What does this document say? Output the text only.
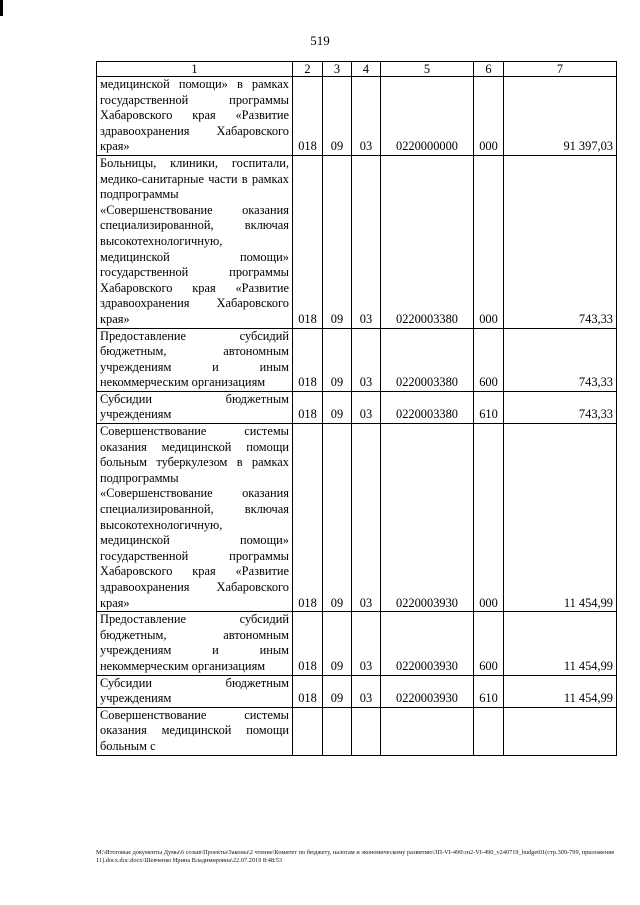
519
1	2	3	4	5	6	7
медицинской помощи» в рамках государственной программы Хабаровского края «Развитие здравоохранения Хабаровского края»	018	09	03	0220000000	000	91 397,03
Больницы, клиники, госпитали, медико-санитарные части в рамках подпрограммы «Совершенствование оказания специализированной, включая высокотехнологичную, медицинской помощи» государственной программы Хабаровского края «Развитие здравоохранения Хабаровского края»	018	09	03	0220003380	000	743,33
Предоставление субсидий бюджетным, автономным учреждениям и иным некоммерческим организациям	018	09	03	0220003380	600	743,33
Субсидии бюджетным учреждениям	018	09	03	0220003380	610	743,33
Совершенствование системы оказания медицинской помощи больным туберкулезом в рамках подпрограммы «Совершенствование оказания специализированной, включая высокотехнологичную, медицинской помощи» государственной программы Хабаровского края «Развитие здравоохранения Хабаровского края»	018	09	03	0220003930	000	11 454,99
Предоставление субсидий бюджетным, автономным учреждениям и иным некоммерческим организациям	018	09	03	0220003930	600	11 454,99
Субсидии бюджетным учреждениям	018	09	03	0220003930	610	11 454,99
Совершенствование системы оказания медицинской помощи больным с						
М:\Итоговые документы Думы\6 созыв\Проекты\Законы\2 чтение\Комитет по бюджету, налогам и экономическому развитию\ЗП-VI-490\зп2-VI-490_v240719_budget01(стр.309-799, приложение 11).docx.doc.docx\Шевченко Ирина Владимировна\22.07.2019 8:48:53
